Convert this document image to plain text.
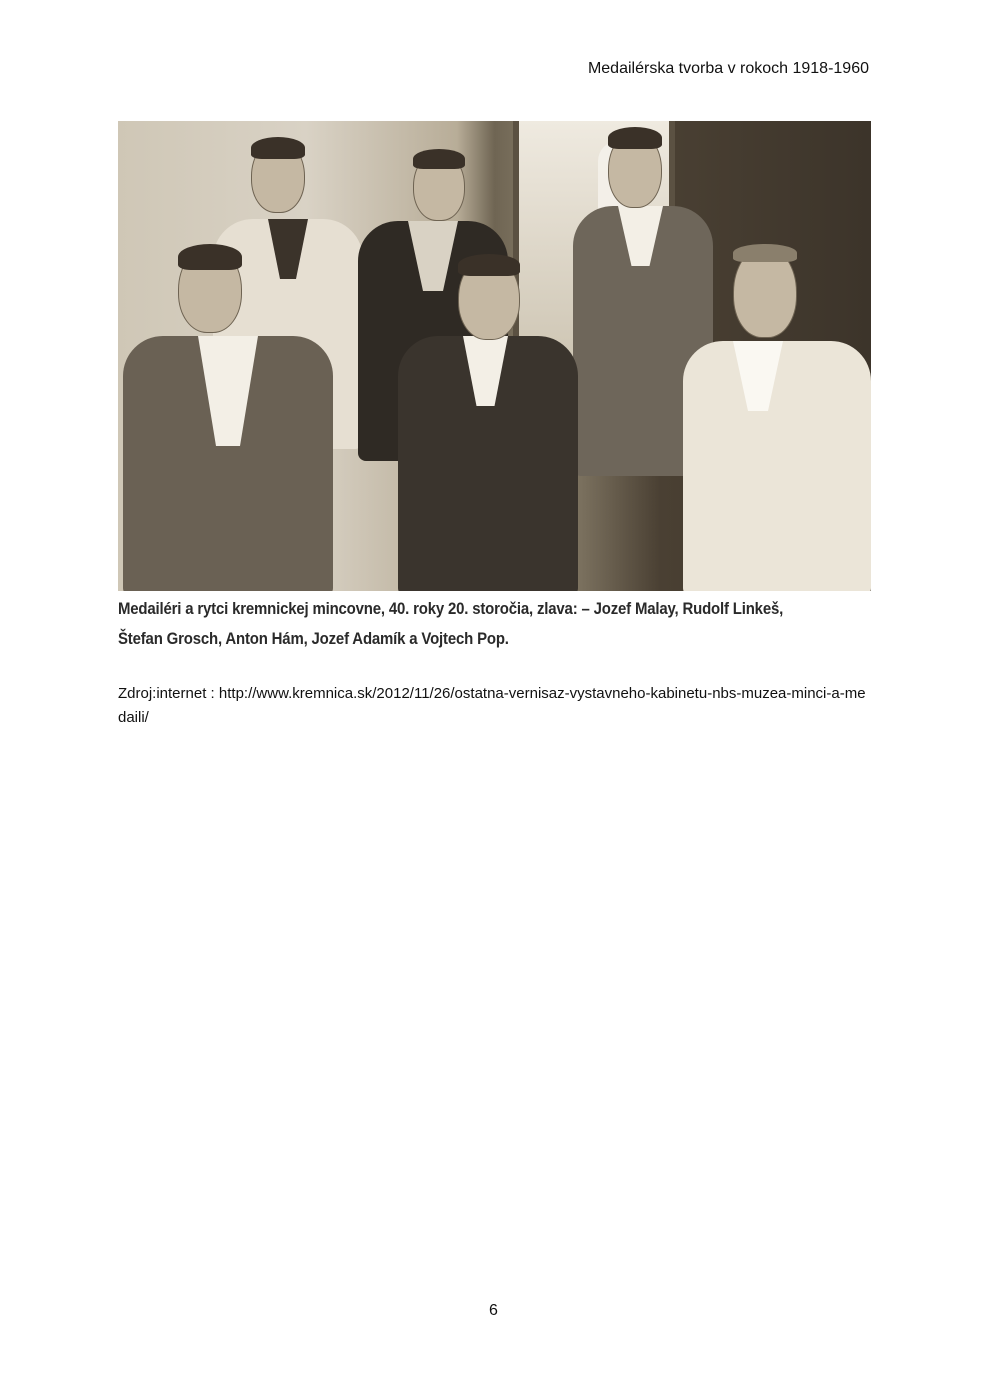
Medailérska tvorba v rokoch 1918-1960
Medailéri a rytci kremnickej mincovne, 40. roky 20. storočia, zlava: – Jozef Malay, Rudolf Linkeš, Štefan Grosch, Anton Hám, Jozef Adamík a Vojtech Pop.
Zdroj:internet : http://www.kremnica.sk/2012/11/26/ostatna-vernisaz-vystavneho-kabinetu-nbs-muzea-minci-a-medaili/
6
